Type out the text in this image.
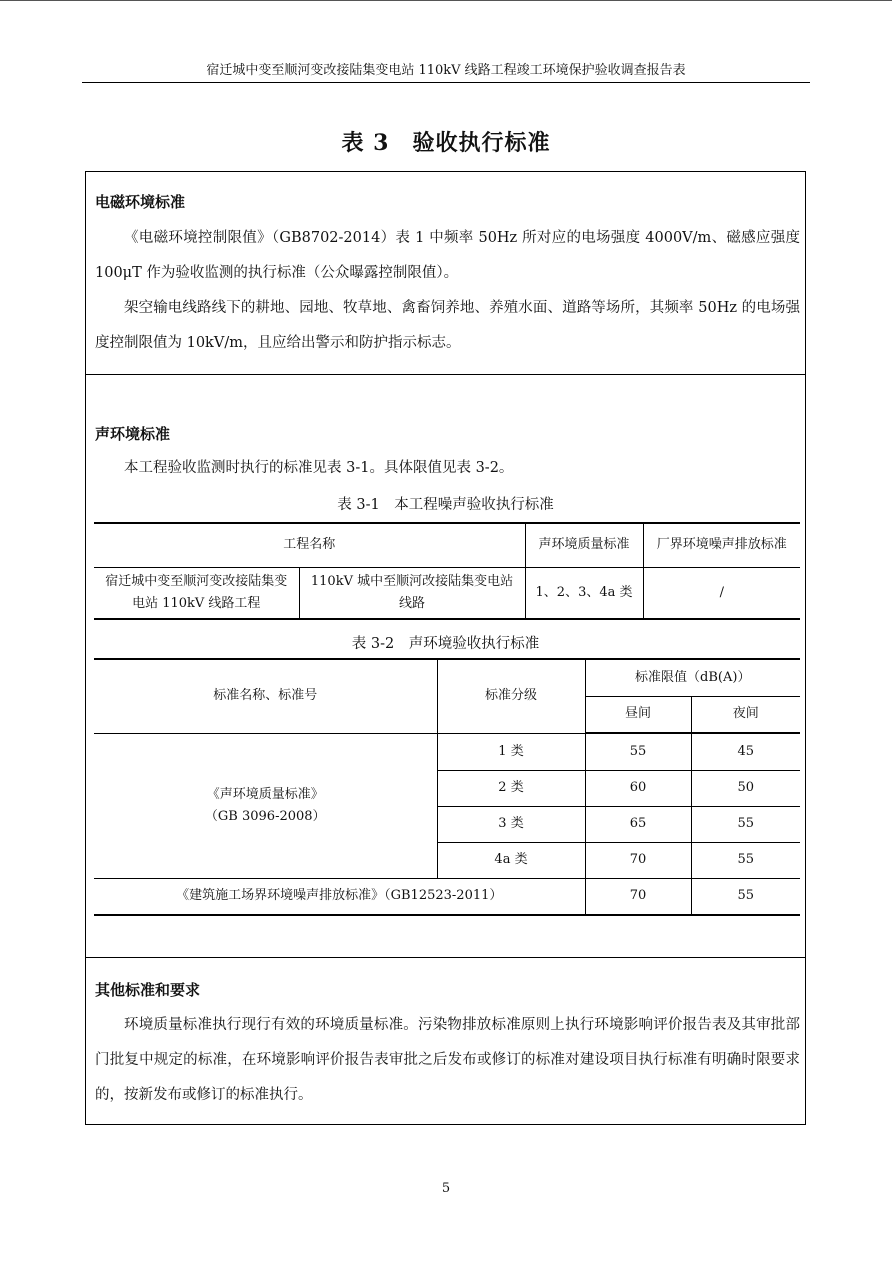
宿迁城中变至顺河变改接陆集变电站 110kV 线路工程竣工环境保护验收调查报告表
表 3　验收执行标准
电磁环境标准

《电磁环境控制限值》（GB8702-2014）表 1 中频率 50Hz 所对应的电场强度 4000V/m、磁感应强度 100μT 作为验收监测的执行标准（公众曝露控制限值）。

架空输电线路线下的耕地、园地、牧草地、禽畜饲养地、养殖水面、道路等场所，其频率 50Hz 的电场强度控制限值为 10kV/m，且应给出警示和防护指示标志。

声环境标准

本工程验收监测时执行的标准见表 3-1。具体限值见表 3-2。

表 3-1　本工程噪声验收执行标准
工程名称		声环境质量标准	厂界环境噪声排放标准
宿迁城中变至顺河变改接陆集变电站 110kV 线路工程	110kV 城中至顺河改接陆集变电站线路	1、2、3、4a 类	/
表 3-2　声环境验收执行标准
标准名称、标准号	标准分级	标准限值（dB(A)）	
		昼间	夜间

《声环境质量标准》
（GB 3096-2008）	1 类	55	45
	2 类	60	50
	3 类	65	55
	4a 类	70	55
《建筑施工场界环境噪声排放标准》（GB12523-2011）		70	55
其他标准和要求

环境质量标准执行现行有效的环境质量标准。污染物排放标准原则上执行环境影响评价报告表及其审批部门批复中规定的标准，在环境影响评价报告表审批之后发布或修订的标准对建设项目执行标准有明确时限要求的，按新发布或修订的标准执行。

5
